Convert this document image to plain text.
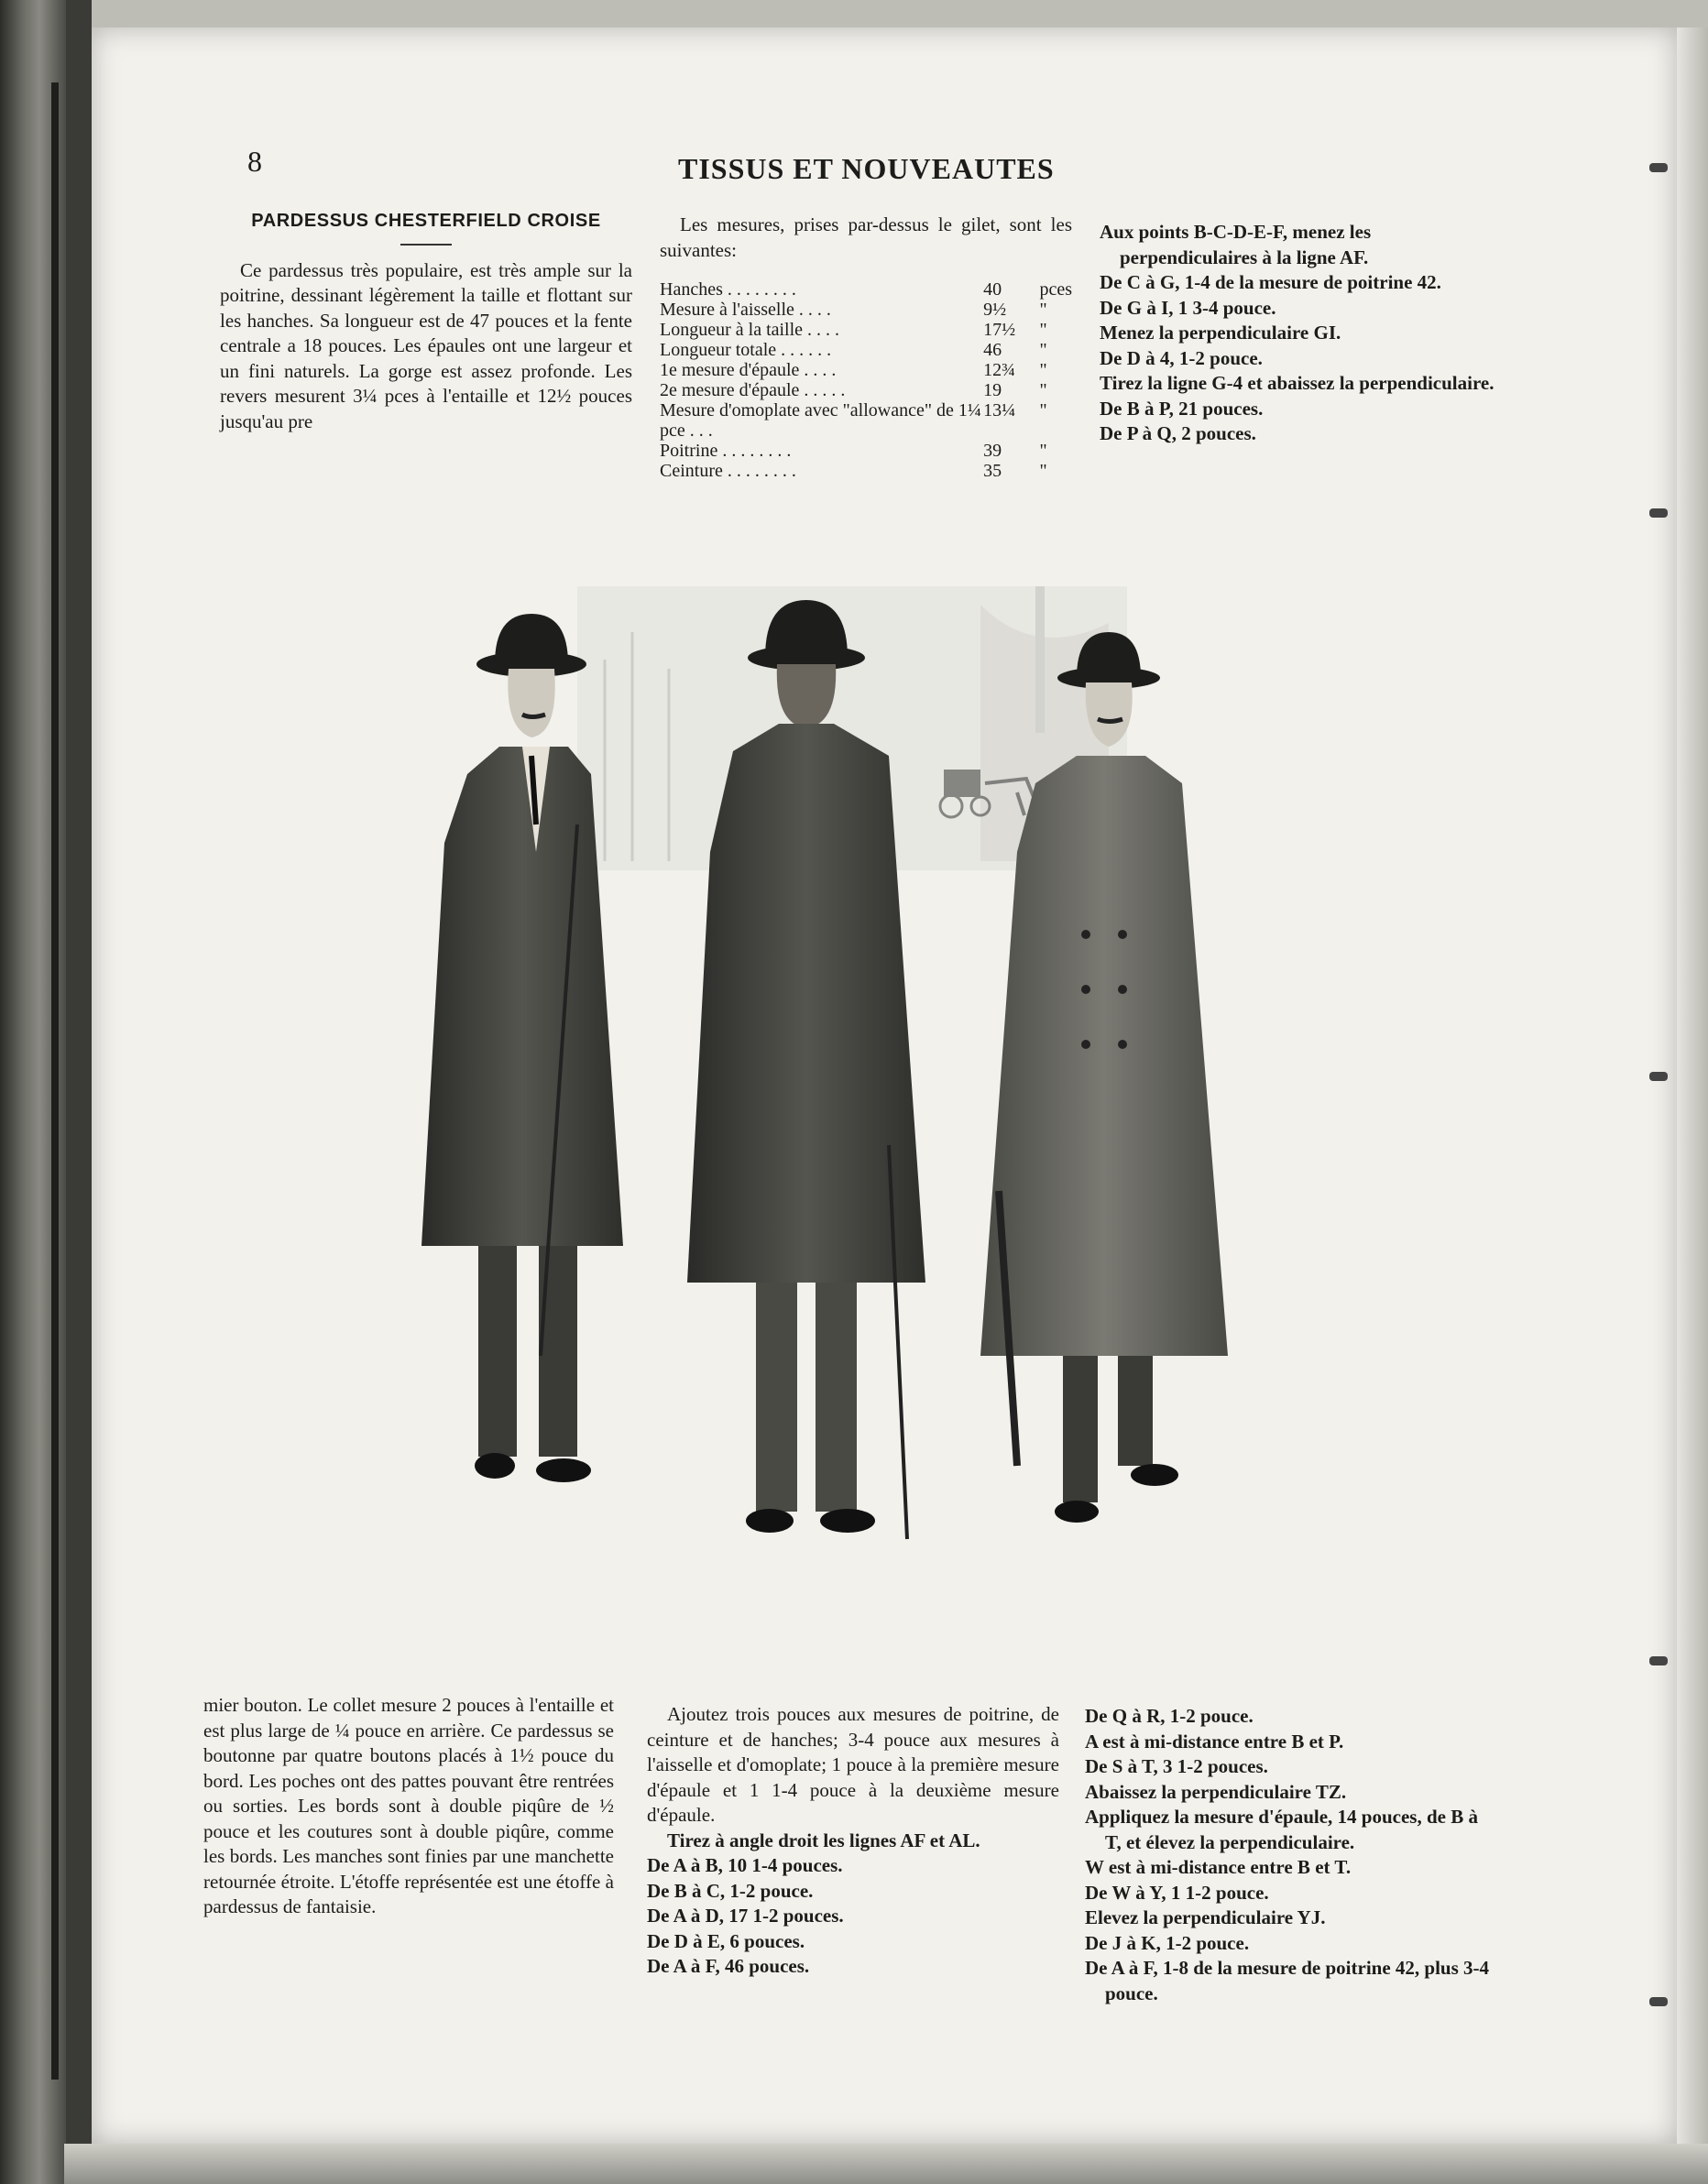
8	TISSUS ET NOUVEAUTES
PARDESSUS CHESTERFIELD CROISE

Ce pardessus très populaire, est très ample sur la poitrine, dessinant légèrement la taille et flottant sur les hanches. Sa longueur est de 47 pouces et la fente centrale a 18 pouces. Les épaules ont une largeur et un fini naturels. La gorge est assez profonde. Les revers mesurent 3¼ pces à l'entaille et 12½ pouces jusqu'au pre

Les mesures, prises par-dessus le gilet, sont les suivantes:

Hanches . . . . . . . .	40	pces
Mesure à l'aisselle . . . .	9½	"
Longueur à la taille . . . .	17½	"
Longueur totale . . . . . .	46	"
1e mesure d'épaule . . . .	12¾	"
2e mesure d'épaule . . . . .	19	"
Mesure d'omoplate avec "allowance" de 1¼ pce . . .	13¼	"
Poitrine . . . . . . . .	39	"
Ceinture . . . . . . . .	35	"

Aux points B-C-D-E-F, menez les perpendiculaires à la ligne AF.

De C à G, 1-4 de la mesure de poitrine 42.

De G à I, 1 3-4 pouce.

Menez la perpendiculaire GI.

De D à 4, 1-2 pouce.

Tirez la ligne G-4 et abaissez la perpendiculaire.

De B à P, 21 pouces.

De P à Q, 2 pouces.

mier bouton. Le collet mesure 2 pouces à l'entaille et est plus large de ¼ pouce en arrière. Ce pardessus se boutonne par quatre boutons placés à 1½ pouce du bord. Les poches ont des pattes pouvant être rentrées ou sorties. Les bords sont à double piqûre de ½ pouce et les coutures sont à double piqûre, comme les bords. Les manches sont finies par une manchette retournée étroite. L'étoffe représentée est une étoffe à pardessus de fantaisie.

Ajoutez trois pouces aux mesures de poitrine, de ceinture et de hanches; 3-4 pouce aux mesures à l'aisselle et d'omoplate; 1 pouce à la première mesure d'épaule et 1 1-4 pouce à la deuxième mesure d'épaule.

Tirez à angle droit les lignes AF et AL.

De A à B, 10 1-4 pouces.

De B à C, 1-2 pouce.

De A à D, 17 1-2 pouces.

De D à E, 6 pouces.

De A à F, 46 pouces.

De Q à R, 1-2 pouce.

A est à mi-distance entre B et P.

De S à T, 3 1-2 pouces.

Abaissez la perpendiculaire TZ.

Appliquez la mesure d'épaule, 14 pouces, de B à T, et élevez la perpendiculaire.

W est à mi-distance entre B et T.

De W à Y, 1 1-2 pouce.

Elevez la perpendiculaire YJ.

De J à K, 1-2 pouce.

De A à F, 1-8 de la mesure de poitrine 42, plus 3-4 pouce.
